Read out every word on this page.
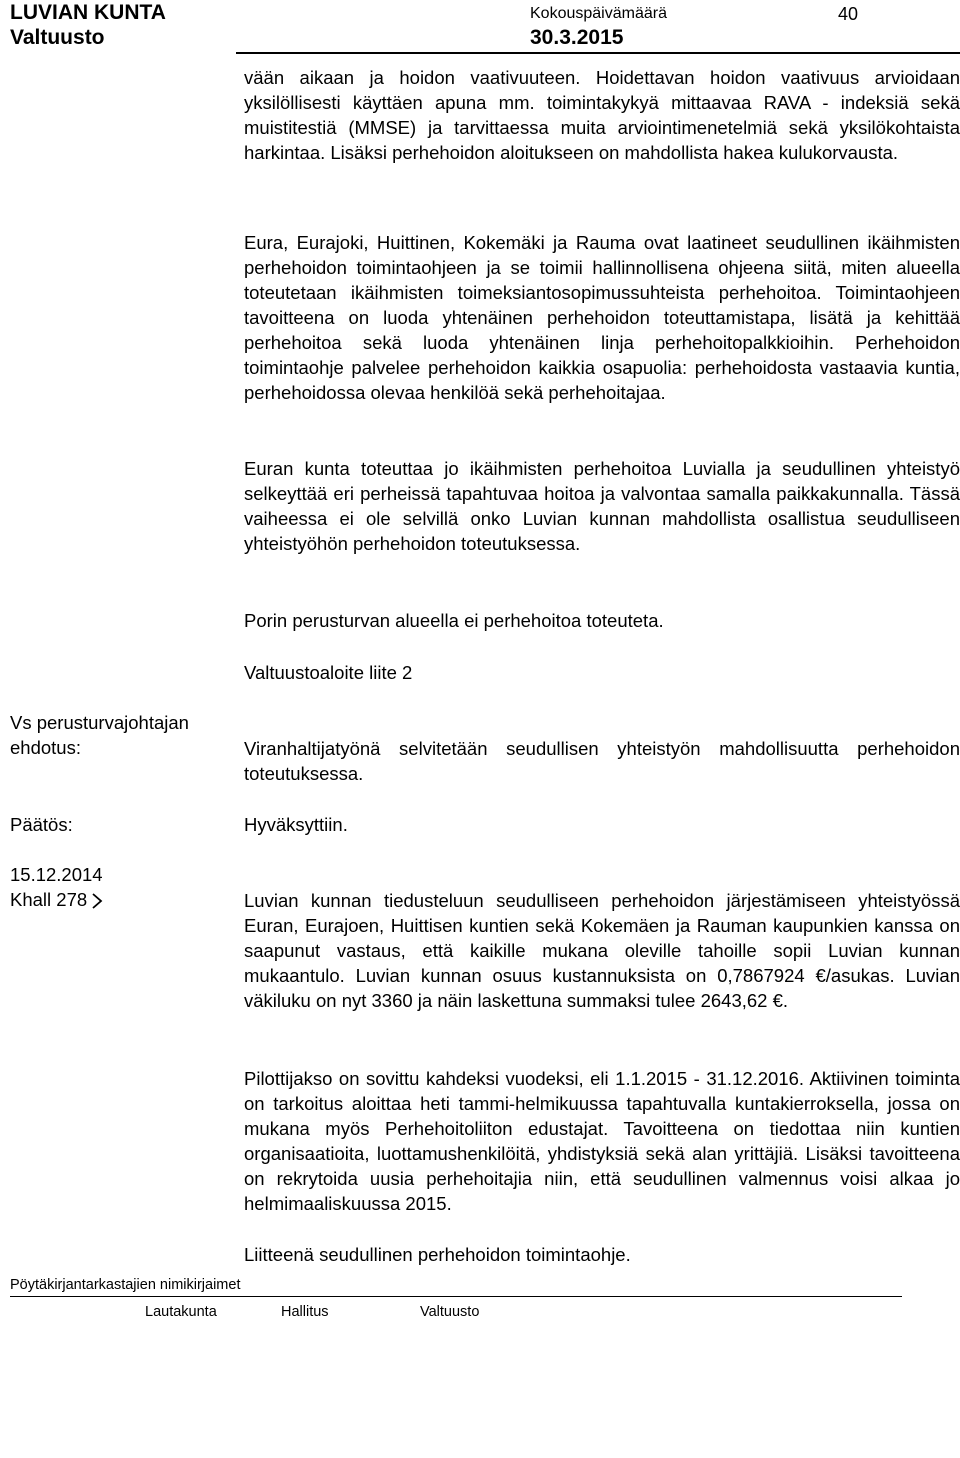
LUVIAN KUNTA
Valtuusto
Kokouspäivämäärä
30.3.2015
40

vään aikaan ja hoidon vaativuuteen. Hoidettavan hoidon vaativuus arvioidaan yksilöllisesti käyttäen apuna mm. toimintakykyä mittaavaa RAVA - indeksiä sekä muistitestiä (MMSE) ja tarvittaessa muita arviointimenetelmiä sekä yksilökohtaista harkintaa. Lisäksi perhehoidon aloitukseen on mahdollista hakea kulukorvausta.

Eura, Eurajoki, Huittinen, Kokemäki ja Rauma ovat laatineet seudullinen ikäihmisten perhehoidon toimintaohjeen ja se toimii hallinnollisena ohjeena siitä, miten alueella toteutetaan ikäihmisten toimeksiantosopimussuhteista perhehoitoa. Toimintaohjeen tavoitteena on luoda yhtenäinen perhehoidon toteuttamistapa, lisätä ja kehittää perhehoitoa sekä luoda yhtenäinen linja perhehoitopalkkioihin. Perhehoidon toimintaohje palvelee perhehoidon kaikkia osapuolia: perhehoidosta vastaavia kuntia, perhehoidossa olevaa henkilöä sekä perhehoitajaa.

Euran kunta toteuttaa jo ikäihmisten perhehoitoa Luvialla ja seudullinen yhteistyö selkeyttää eri perheissä tapahtuvaa hoitoa ja valvontaa samalla paikkakunnalla. Tässä vaiheessa ei ole selvillä onko Luvian kunnan mahdollista osallistua seudulliseen yhteistyöhön perhehoidon toteutuksessa.

Porin perusturvan alueella ei perhehoitoa toteuteta.

Valtuustoaloite liite 2

Vs perusturvajohtajan ehdotus:	Viranhaltijatyönä selvitetään seudullisen yhteistyön mahdollisuutta perhehoidon toteutuksessa.

Päätös:	Hyväksyttiin.

15.12.2014

Khall 278	Luvian kunnan tiedusteluun seudulliseen perhehoidon järjestämiseen yhteistyössä Euran, Eurajoen, Huittisen kuntien sekä Kokemäen ja Rauman kaupunkien kanssa on saapunut vastaus, että kaikille mukana oleville tahoille sopii Luvian kunnan mukaantulo. Luvian kunnan osuus kustannuksista on 0,7867924 €/asukas. Luvian väkiluku on nyt 3360 ja näin laskettuna summaksi tulee 2643,62 €.

Pilottijakso on sovittu kahdeksi vuodeksi, eli 1.1.2015 - 31.12.2016. Aktiivinen toiminta on tarkoitus aloittaa heti tammi-helmikuussa tapahtuvalla kuntakierroksella, jossa on mukana myös Perhehoitoliiton edustajat. Tavoitteena on tiedottaa niin kuntien organisaatioita, luottamushenkilöitä, yhdistyksiä sekä alan yrittäjiä. Lisäksi tavoitteena on rekrytoida uusia perhehoitajia niin, että seudullinen valmennus voisi alkaa jo helmimaaliskuussa 2015.

Liitteenä seudullinen perhehoidon toimintaohje.

Pöytäkirjantarkastajien nimikirjaimet
Lautakunta	Hallitus	Valtuusto
